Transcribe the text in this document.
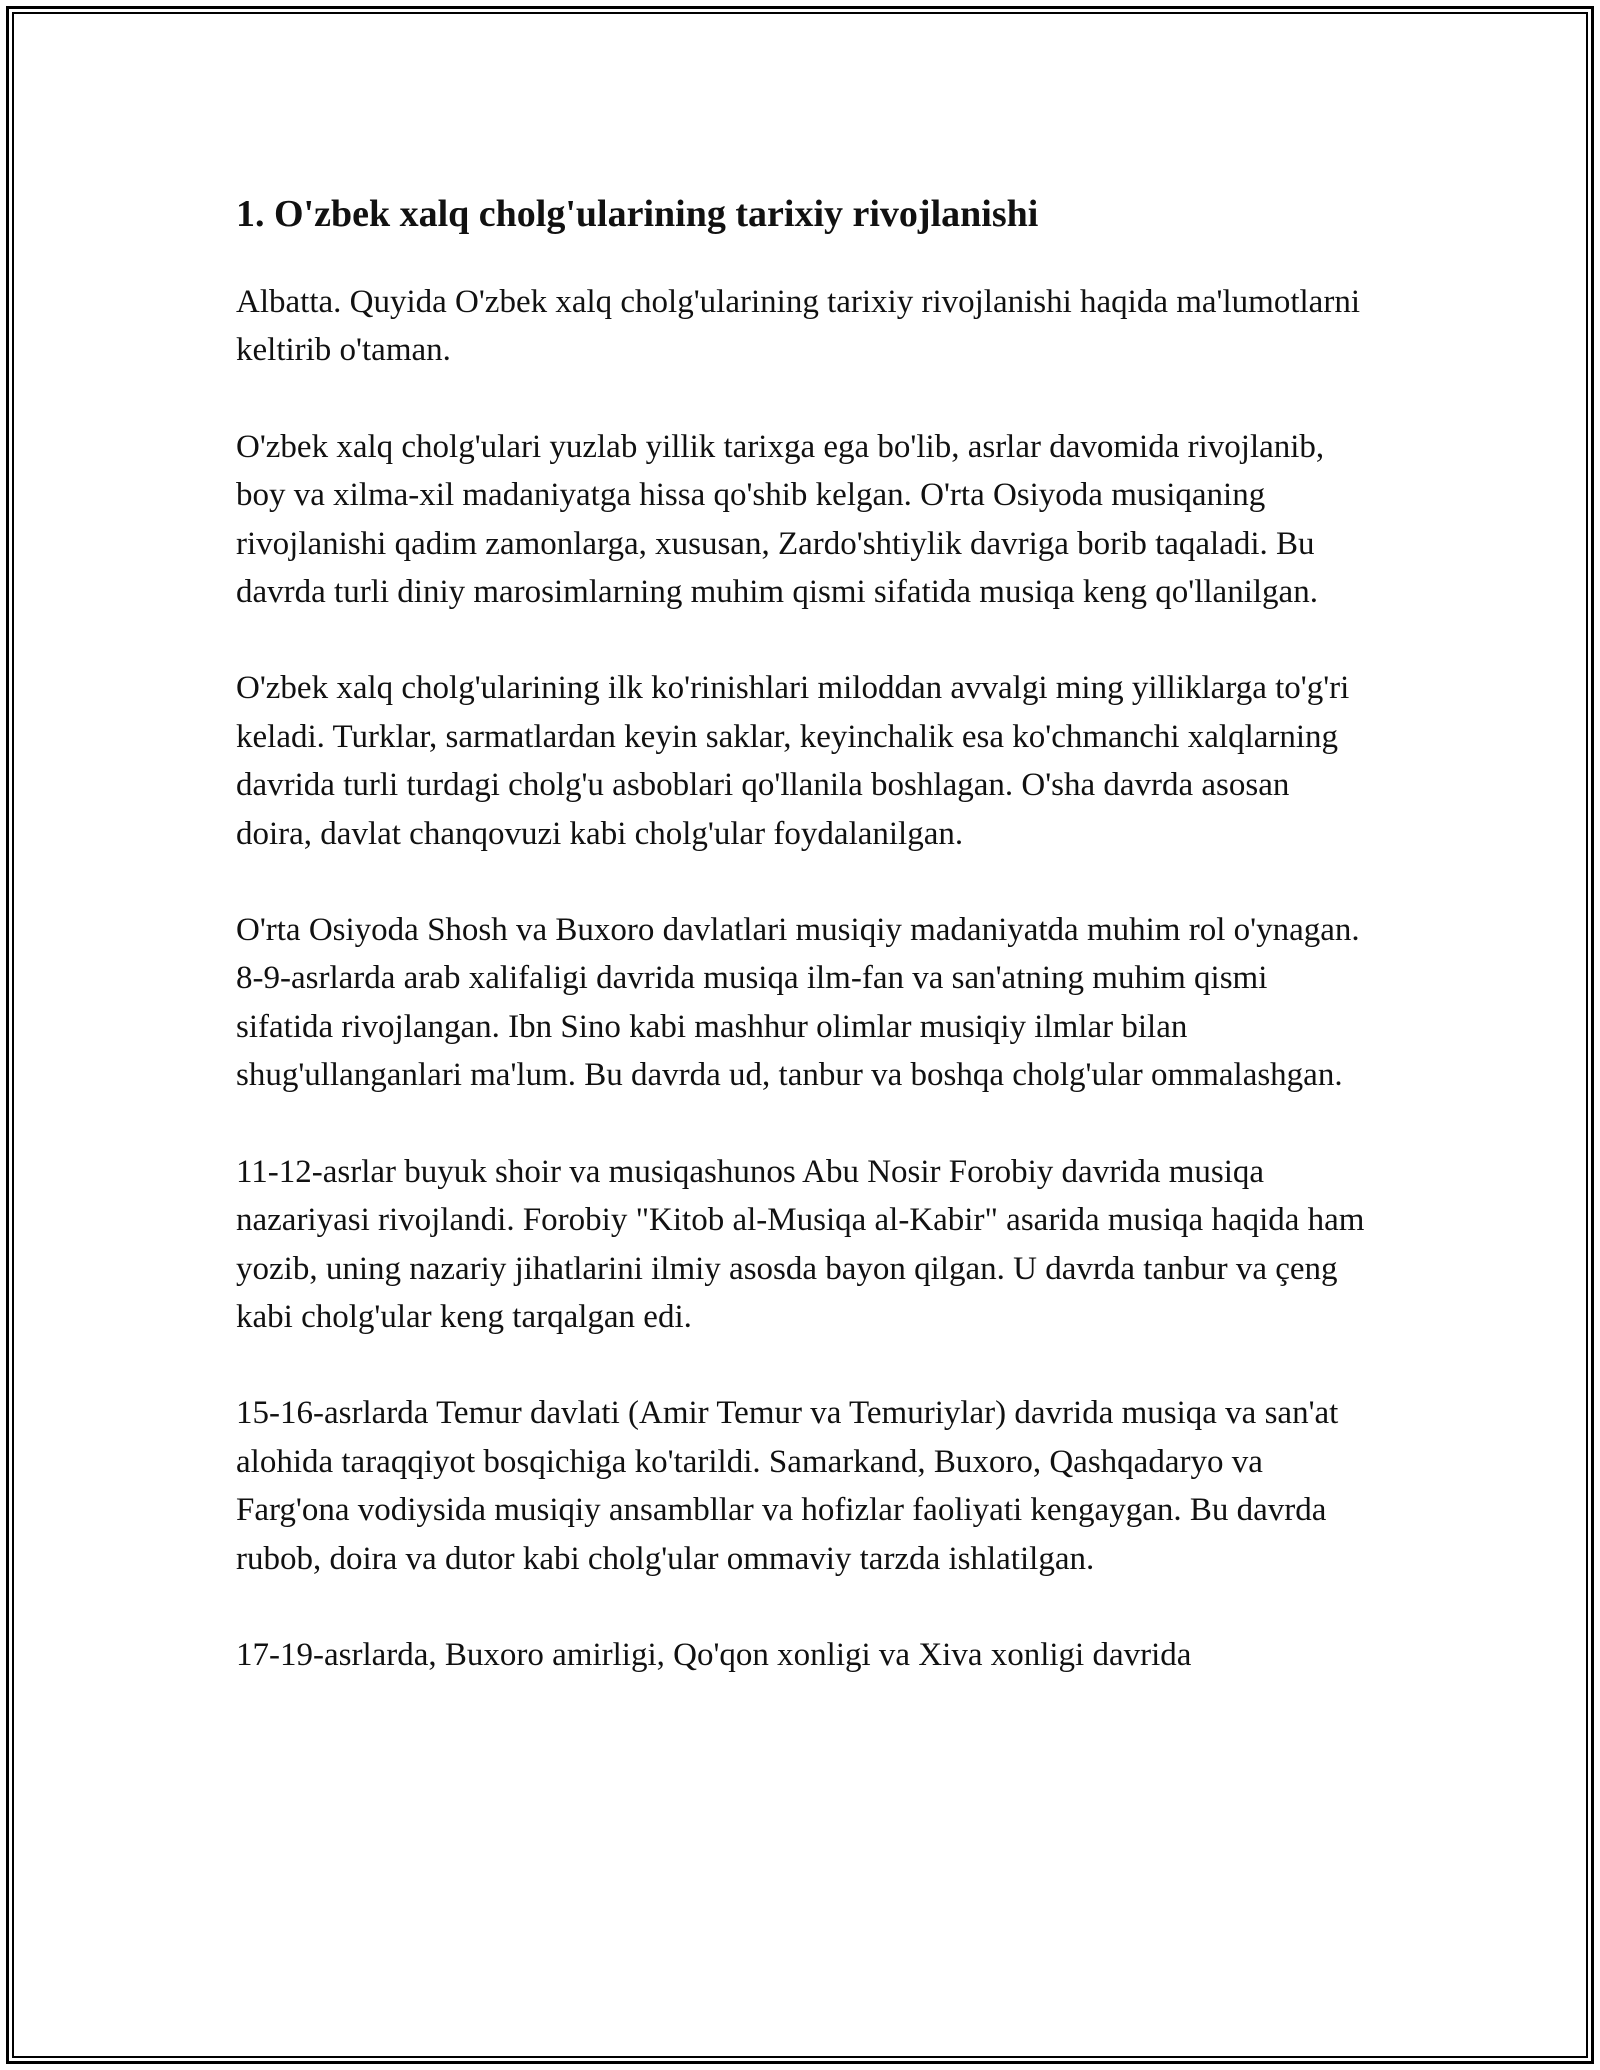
1. O'zbek xalq cholg'ularining tarixiy rivojlanishi

Albatta. Quyida O'zbek xalq cholg'ularining tarixiy rivojlanishi haqida ma'lumotlarni keltirib o'taman.

O'zbek xalq cholg'ulari yuzlab yillik tarixga ega bo'lib, asrlar davomida rivojlanib, boy va xilma-xil madaniyatga hissa qo'shib kelgan. O'rta Osiyoda musiqaning rivojlanishi qadim zamonlarga, xususan, Zardo'shtiylik davriga borib taqaladi. Bu davrda turli diniy marosimlarning muhim qismi sifatida musiqa keng qo'llanilgan.

O'zbek xalq cholg'ularining ilk ko'rinishlari miloddan avvalgi ming yilliklarga to'g'ri keladi. Turklar, sarmatlardan keyin saklar, keyinchalik esa ko'chmanchi xalqlarning davrida turli turdagi cholg'u asboblari qo'llanila boshlagan. O'sha davrda asosan doira, davlat chanqovuzi kabi cholg'ular foydalanilgan.

O'rta Osiyoda Shosh va Buxoro davlatlari musiqiy madaniyatda muhim rol o'ynagan. 8-9-asrlarda arab xalifaligi davrida musiqa ilm-fan va san'atning muhim qismi sifatida rivojlangan. Ibn Sino kabi mashhur olimlar musiqiy ilmlar bilan shug'ullanganlari ma'lum. Bu davrda ud, tanbur va boshqa cholg'ular ommalashgan.

11-12-asrlar buyuk shoir va musiqashunos Abu Nosir Forobiy davrida musiqa nazariyasi rivojlandi. Forobiy "Kitob al-Musiqa al-Kabir" asarida musiqa haqida ham yozib, uning nazariy jihatlarini ilmiy asosda bayon qilgan. U davrda tanbur va çeng kabi cholg'ular keng tarqalgan edi.

15-16-asrlarda Temur davlati (Amir Temur va Temuriylar) davrida musiqa va san'at alohida taraqqiyot bosqichiga ko'tarildi. Samarkand, Buxoro, Qashqadaryo va Farg'ona vodiysida musiqiy ansambllar va hofizlar faoliyati kengaygan. Bu davrda rubob, doira va dutor kabi cholg'ular ommaviy tarzda ishlatilgan.

17-19-asrlarda, Buxoro amirligi, Qo'qon xonligi va Xiva xonligi davrida
